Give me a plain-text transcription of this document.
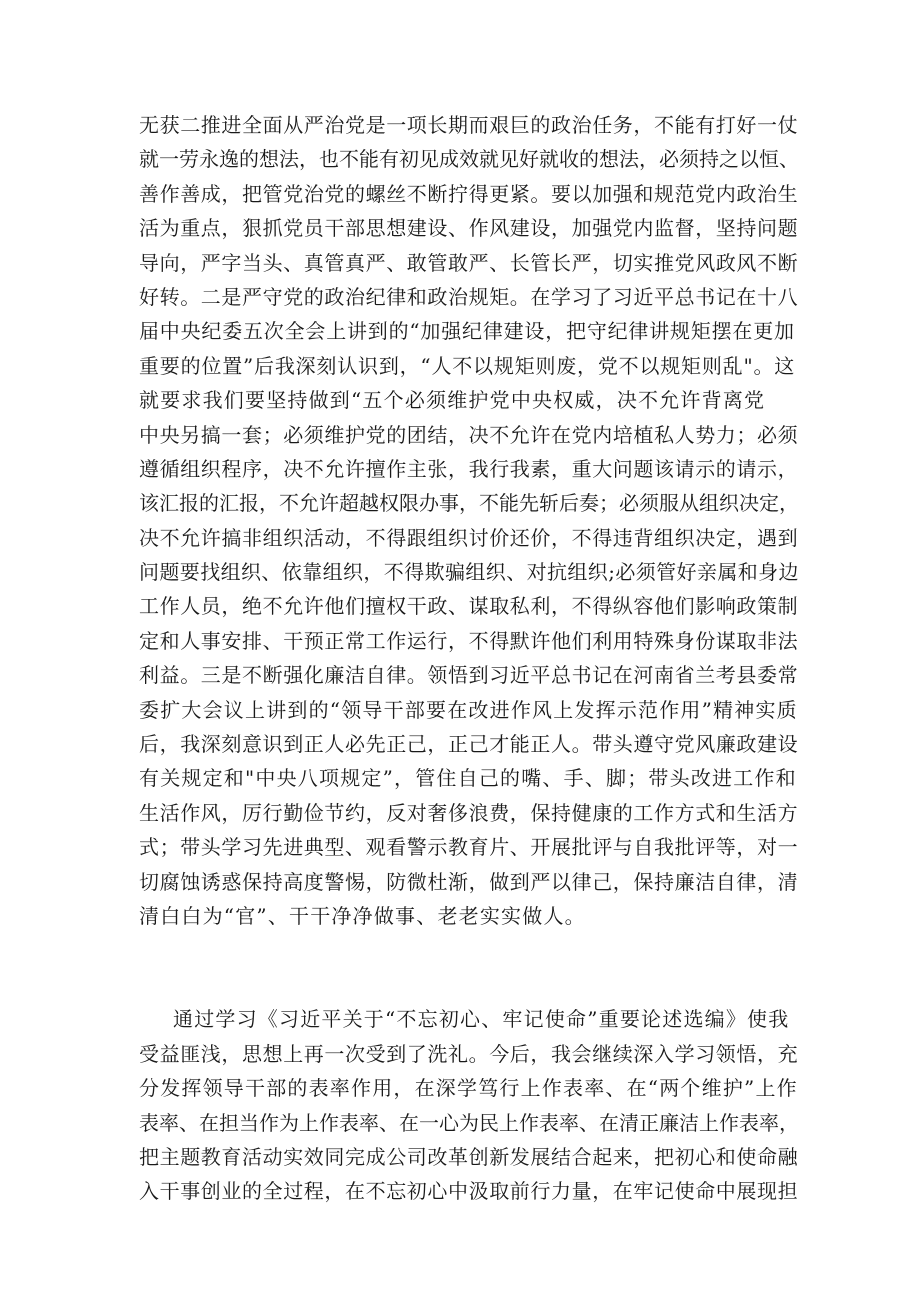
无获二推进全面从严治党是一项长期而艰巨的政治任务，不能有打好一仗
就一劳永逸的想法，也不能有初见成效就见好就收的想法，必须持之以恒、
善作善成，把管党治党的螺丝不断拧得更紧。要以加强和规范党内政治生
活为重点，狠抓党员干部思想建设、作风建设，加强党内监督，坚持问题
导向，严字当头、真管真严、敢管敢严、长管长严，切实推党风政风不断
好转。二是严守党的政治纪律和政治规矩。在学习了习近平总书记在十八
届中央纪委五次全会上讲到的“加强纪律建设，把守纪律讲规矩摆在更加
重要的位置”后我深刻认识到，“人不以规矩则废，党不以规矩则乱"。这
就要求我们要坚持做到“五个必须维护党中央权威，决不允许背离党
中央另搞一套；必须维护党的团结，决不允许在党内培植私人势力；必须
遵循组织程序，决不允许擅作主张，我行我素，重大问题该请示的请示，
该汇报的汇报，不允许超越权限办事，不能先斩后奏；必须服从组织决定，
决不允许搞非组织活动，不得跟组织讨价还价，不得违背组织决定，遇到
问题要找组织、依靠组织，不得欺骗组织、对抗组织;必须管好亲属和身边
工作人员，绝不允许他们擅权干政、谋取私利，不得纵容他们影响政策制
定和人事安排、干预正常工作运行，不得默许他们利用特殊身份谋取非法
利益。三是不断强化廉洁自律。领悟到习近平总书记在河南省兰考县委常
委扩大会议上讲到的“领导干部要在改进作风上发挥示范作用”精神实质
后，我深刻意识到正人必先正己，正己才能正人。带头遵守党风廉政建设
有关规定和"中央八项规定”，管住自己的嘴、手、脚；带头改进工作和
生活作风，厉行勤俭节约，反对奢侈浪费，保持健康的工作方式和生活方
式；带头学习先进典型、观看警示教育片、开展批评与自我批评等，对一
切腐蚀诱惑保持高度警惕，防微杜渐，做到严以律己，保持廉洁自律，清
清白白为“官”、干干净净做事、老老实实做人。
通过学习《习近平关于“不忘初心、牢记使命”重要论述选编》使我
受益匪浅，思想上再一次受到了洗礼。今后，我会继续深入学习领悟，充
分发挥领导干部的表率作用，在深学笃行上作表率、在“两个维护”上作
表率、在担当作为上作表率、在一心为民上作表率、在清正廉洁上作表率，
把主题教育活动实效同完成公司改革创新发展结合起来，把初心和使命融
入干事创业的全过程，在不忘初心中汲取前行力量，在牢记使命中展现担
